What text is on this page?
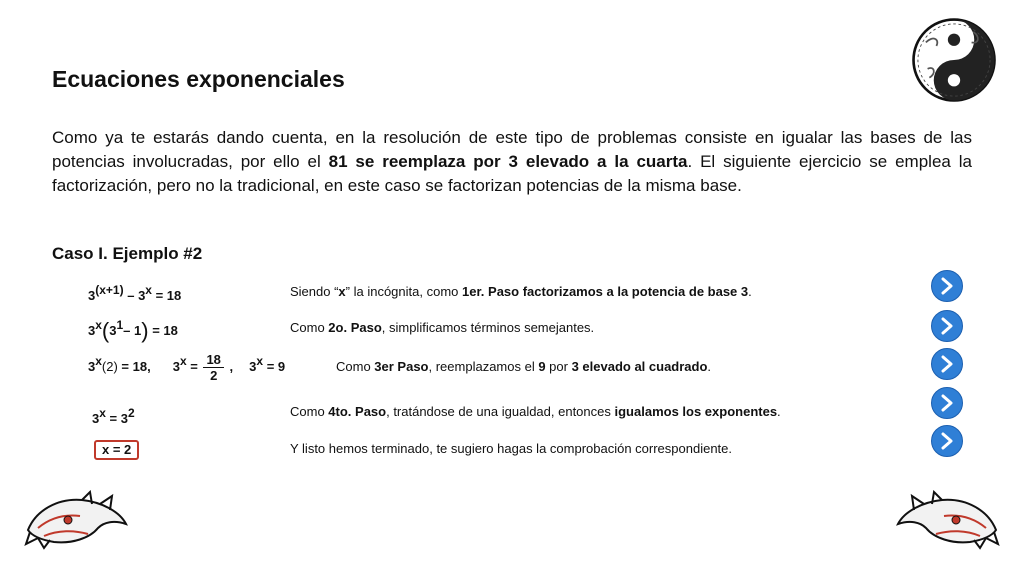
Ecuaciones exponenciales
Como ya te estarás dando cuenta, en la resolución de este tipo de problemas consiste en igualar las bases de las potencias involucradas, por ello el 81 se reemplaza por 3 elevado a la cuarta. El siguiente ejercicio se emplea la factorización, pero no la tradicional, en este caso se factorizan potencias de la misma base.
Caso I. Ejemplo #2
$3^{(x+1)} - 3^x = 18$
$3^x(3^1-$ 1) = 18
$3^x(2) = 18$, $3^x = \frac{18}{2}$ , $3^x = 9$
$3^x = 3^2$
x = 2
Siendo “x” la incógnita, como 1er. Paso factorizamos a la potencia de base 3.
Como 2o. Paso, simplificamos términos semejantes.
Como 3er Paso, reemplazamos el 9 por 3 elevado al cuadrado.
Como 4to. Paso, tratándose de una igualdad, entonces igualamos los exponentes.
Y listo hemos terminado, te sugiero hagas la comprobación correspondiente.
